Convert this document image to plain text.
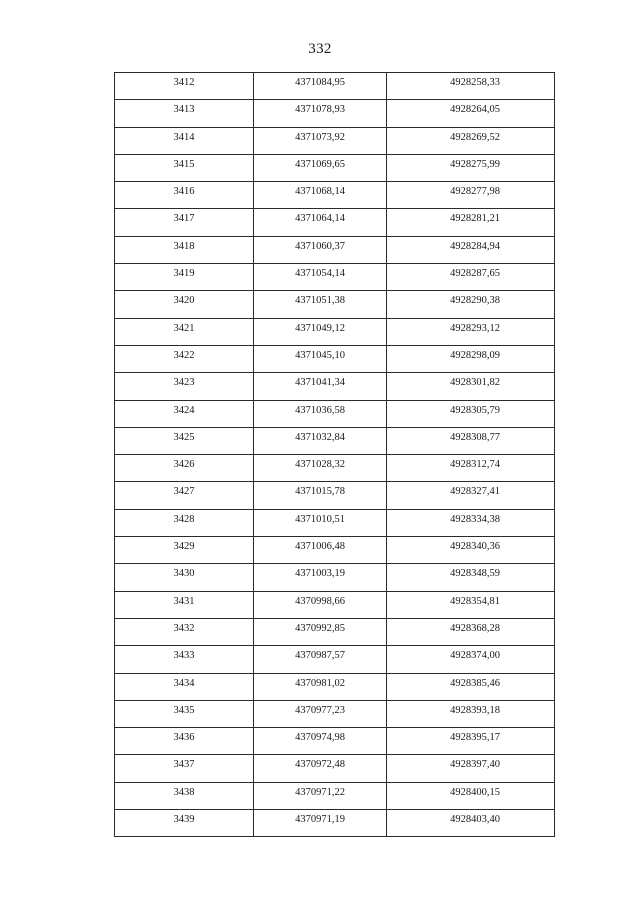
332
3412	4371084,95	4928258,33
3413	4371078,93	4928264,05
3414	4371073,92	4928269,52
3415	4371069,65	4928275,99
3416	4371068,14	4928277,98
3417	4371064,14	4928281,21
3418	4371060,37	4928284,94
3419	4371054,14	4928287,65
3420	4371051,38	4928290,38
3421	4371049,12	4928293,12
3422	4371045,10	4928298,09
3423	4371041,34	4928301,82
3424	4371036,58	4928305,79
3425	4371032,84	4928308,77
3426	4371028,32	4928312,74
3427	4371015,78	4928327,41
3428	4371010,51	4928334,38
3429	4371006,48	4928340,36
3430	4371003,19	4928348,59
3431	4370998,66	4928354,81
3432	4370992,85	4928368,28
3433	4370987,57	4928374,00
3434	4370981,02	4928385,46
3435	4370977,23	4928393,18
3436	4370974,98	4928395,17
3437	4370972,48	4928397,40
3438	4370971,22	4928400,15
3439	4370971,19	4928403,40
